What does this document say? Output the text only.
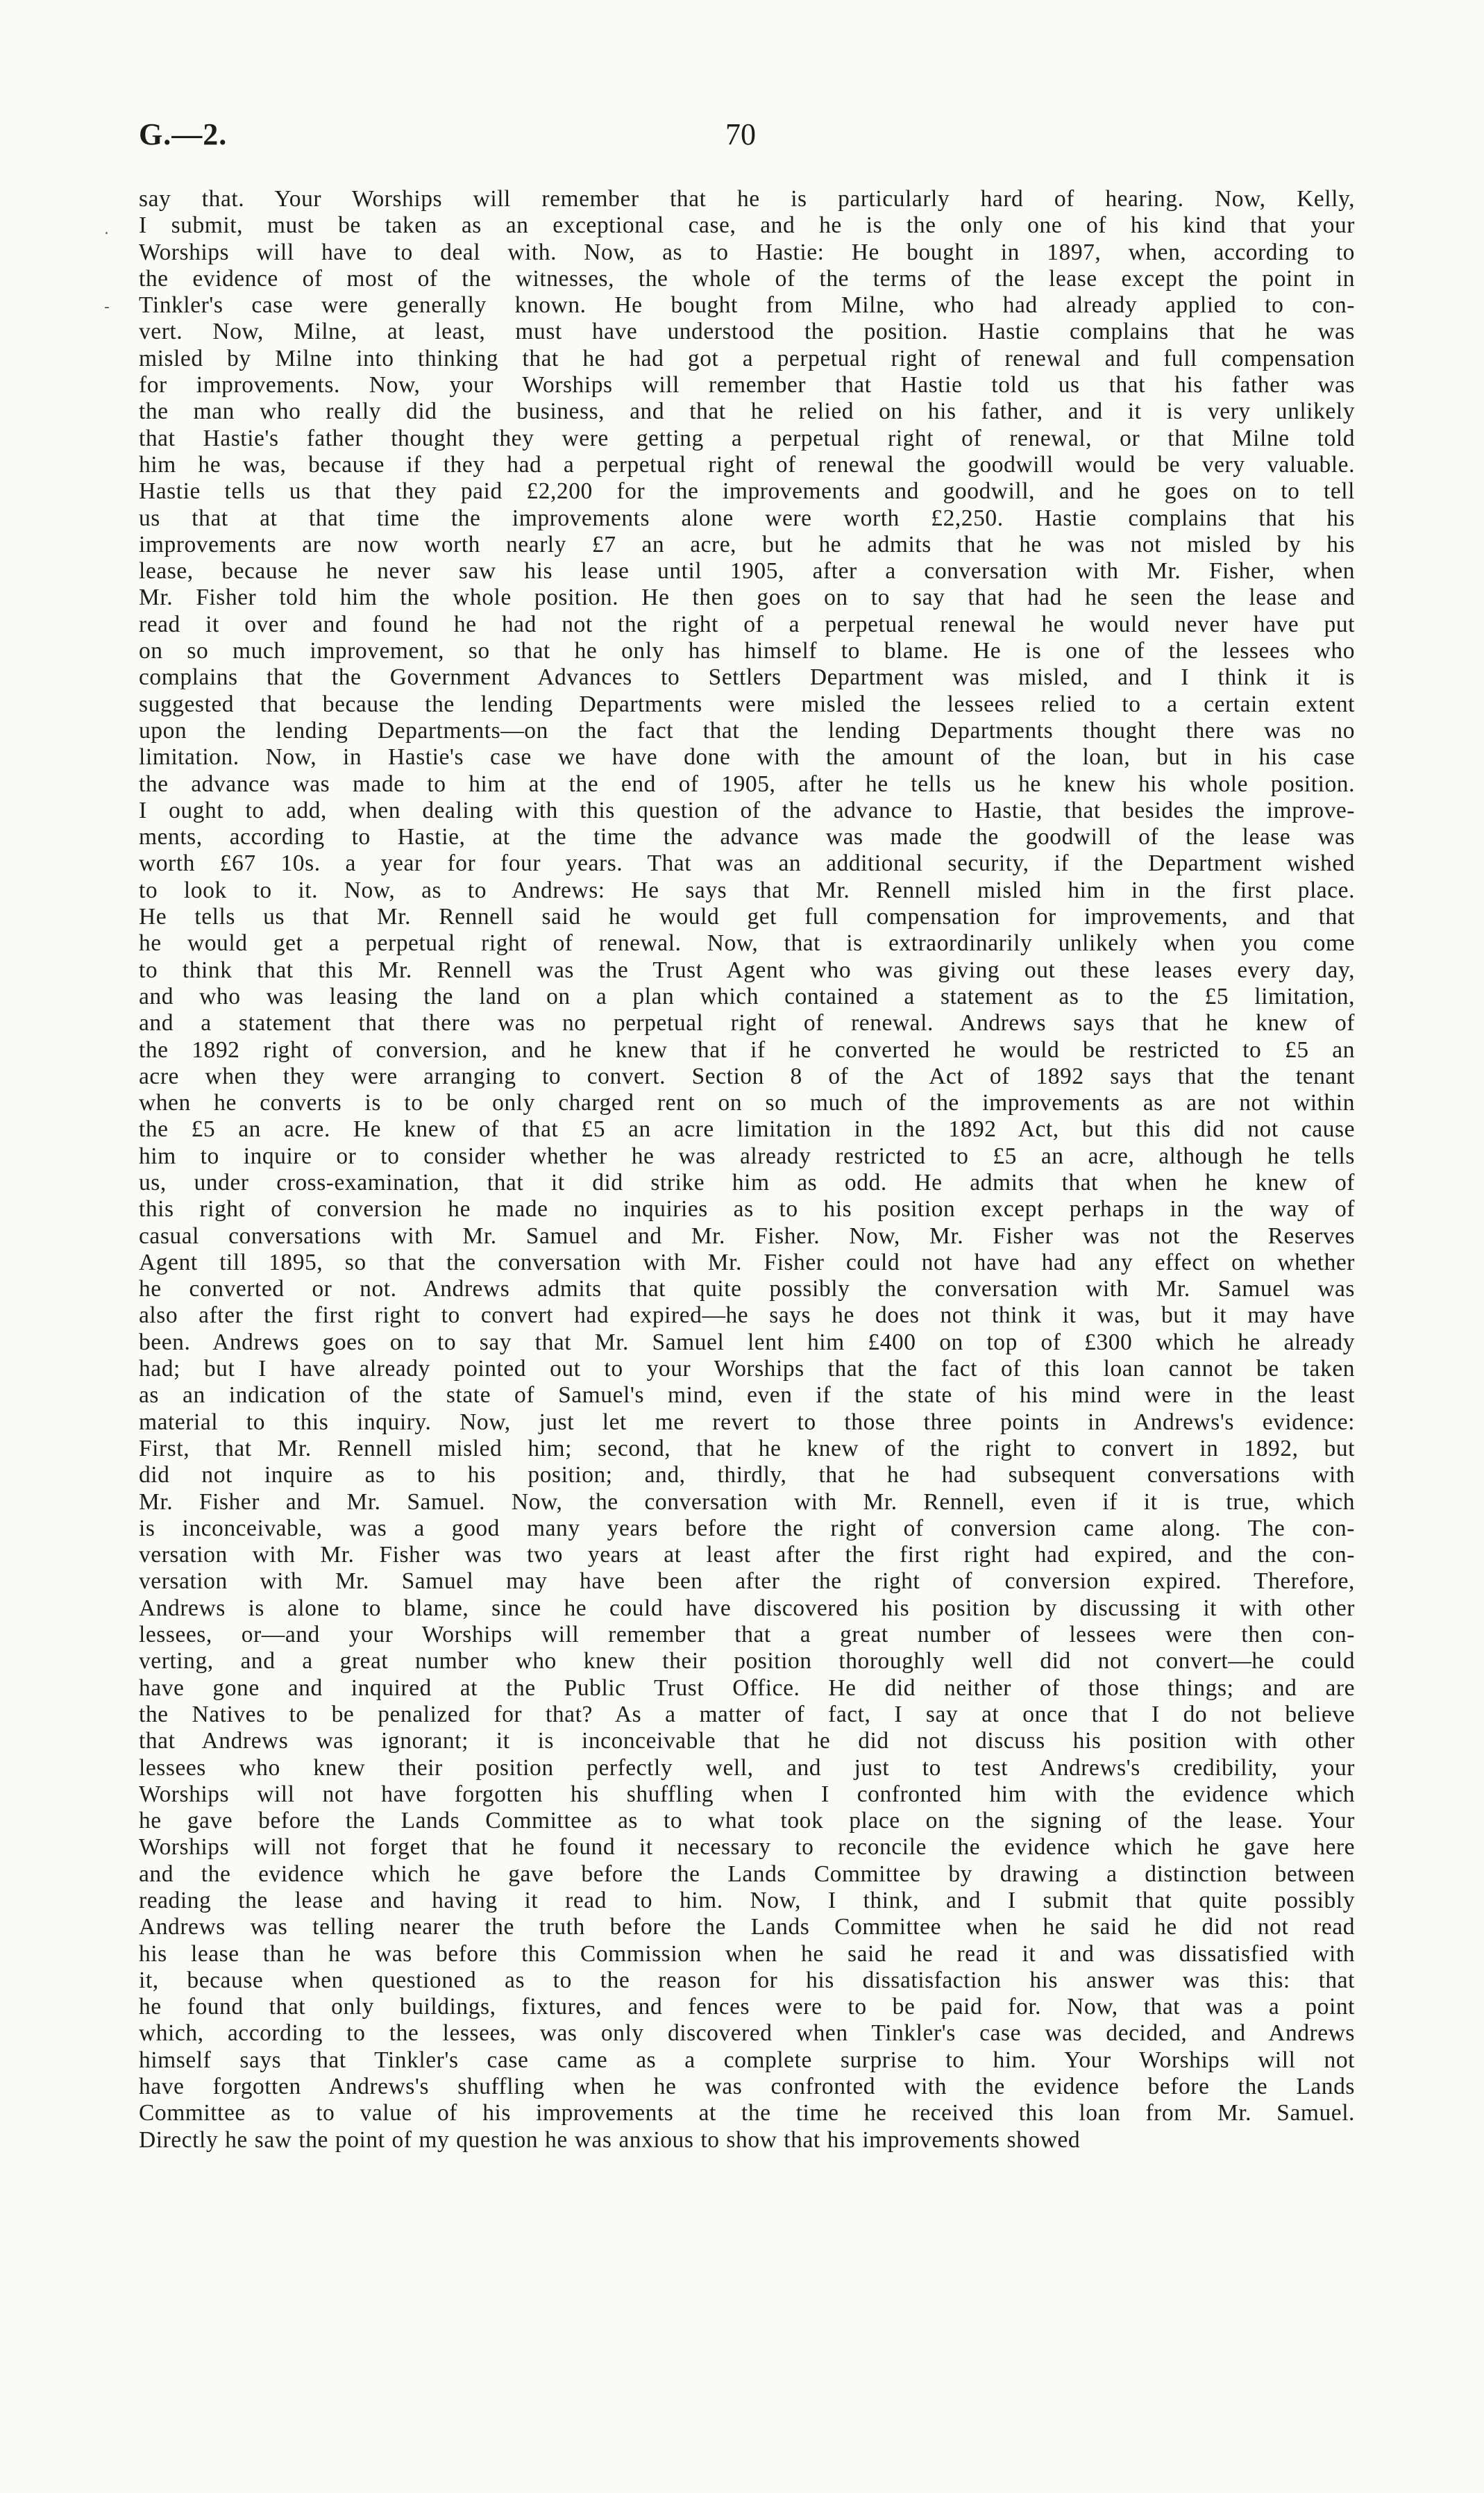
G.—2.	70
.
-
say that. Your Worships will remember that he is particularly hard of hearing. Now, Kelly,
I submit, must be taken as an exceptional case, and he is the only one of his kind that your
Worships will have to deal with. Now, as to Hastie: He bought in 1897, when, according to
the evidence of most of the witnesses, the whole of the terms of the lease except the point in
Tinkler's case were generally known. He bought from Milne, who had already applied to con-
vert. Now, Milne, at least, must have understood the position. Hastie complains that he was
misled by Milne into thinking that he had got a perpetual right of renewal and full compensation
for improvements. Now, your Worships will remember that Hastie told us that his father was
the man who really did the business, and that he relied on his father, and it is very unlikely
that Hastie's father thought they were getting a perpetual right of renewal, or that Milne told
him he was, because if they had a perpetual right of renewal the goodwill would be very valuable.
Hastie tells us that they paid £2,200 for the improvements and goodwill, and he goes on to tell
us that at that time the improvements alone were worth £2,250. Hastie complains that his
improvements are now worth nearly £7 an acre, but he admits that he was not misled by his
lease, because he never saw his lease until 1905, after a conversation with Mr. Fisher, when
Mr. Fisher told him the whole position. He then goes on to say that had he seen the lease and
read it over and found he had not the right of a perpetual renewal he would never have put
on so much improvement, so that he only has himself to blame. He is one of the lessees who
complains that the Government Advances to Settlers Department was misled, and I think it is
suggested that because the lending Departments were misled the lessees relied to a certain extent
upon the lending Departments—on the fact that the lending Departments thought there was no
limitation. Now, in Hastie's case we have done with the amount of the loan, but in his case
the advance was made to him at the end of 1905, after he tells us he knew his whole position.
I ought to add, when dealing with this question of the advance to Hastie, that besides the improve-
ments, according to Hastie, at the time the advance was made the goodwill of the lease was
worth £67 10s. a year for four years. That was an additional security, if the Department wished
to look to it. Now, as to Andrews: He says that Mr. Rennell misled him in the first place.
He tells us that Mr. Rennell said he would get full compensation for improvements, and that
he would get a perpetual right of renewal. Now, that is extraordinarily unlikely when you come
to think that this Mr. Rennell was the Trust Agent who was giving out these leases every day,
and who was leasing the land on a plan which contained a statement as to the £5 limitation,
and a statement that there was no perpetual right of renewal. Andrews says that he knew of
the 1892 right of conversion, and he knew that if he converted he would be restricted to £5 an
acre when they were arranging to convert. Section 8 of the Act of 1892 says that the tenant
when he converts is to be only charged rent on so much of the improvements as are not within
the £5 an acre. He knew of that £5 an acre limitation in the 1892 Act, but this did not cause
him to inquire or to consider whether he was already restricted to £5 an acre, although he tells
us, under cross-examination, that it did strike him as odd. He admits that when he knew of
this right of conversion he made no inquiries as to his position except perhaps in the way of
casual conversations with Mr. Samuel and Mr. Fisher. Now, Mr. Fisher was not the Reserves
Agent till 1895, so that the conversation with Mr. Fisher could not have had any effect on whether
he converted or not. Andrews admits that quite possibly the conversation with Mr. Samuel was
also after the first right to convert had expired—he says he does not think it was, but it may have
been. Andrews goes on to say that Mr. Samuel lent him £400 on top of £300 which he already
had; but I have already pointed out to your Worships that the fact of this loan cannot be taken
as an indication of the state of Samuel's mind, even if the state of his mind were in the least
material to this inquiry. Now, just let me revert to those three points in Andrews's evidence:
First, that Mr. Rennell misled him; second, that he knew of the right to convert in 1892, but
did not inquire as to his position; and, thirdly, that he had subsequent conversations with
Mr. Fisher and Mr. Samuel. Now, the conversation with Mr. Rennell, even if it is true, which
is inconceivable, was a good many years before the right of conversion came along. The con-
versation with Mr. Fisher was two years at least after the first right had expired, and the con-
versation with Mr. Samuel may have been after the right of conversion expired. Therefore,
Andrews is alone to blame, since he could have discovered his position by discussing it with other
lessees, or—and your Worships will remember that a great number of lessees were then con-
verting, and a great number who knew their position thoroughly well did not convert—he could
have gone and inquired at the Public Trust Office. He did neither of those things; and are
the Natives to be penalized for that? As a matter of fact, I say at once that I do not believe
that Andrews was ignorant; it is inconceivable that he did not discuss his position with other
lessees who knew their position perfectly well, and just to test Andrews's credibility, your
Worships will not have forgotten his shuffling when I confronted him with the evidence which
he gave before the Lands Committee as to what took place on the signing of the lease. Your
Worships will not forget that he found it necessary to reconcile the evidence which he gave here
and the evidence which he gave before the Lands Committee by drawing a distinction between
reading the lease and having it read to him. Now, I think, and I submit that quite possibly
Andrews was telling nearer the truth before the Lands Committee when he said he did not read
his lease than he was before this Commission when he said he read it and was dissatisfied with
it, because when questioned as to the reason for his dissatisfaction his answer was this: that
he found that only buildings, fixtures, and fences were to be paid for. Now, that was a point
which, according to the lessees, was only discovered when Tinkler's case was decided, and Andrews
himself says that Tinkler's case came as a complete surprise to him. Your Worships will not
have forgotten Andrews's shuffling when he was confronted with the evidence before the Lands
Committee as to value of his improvements at the time he received this loan from Mr. Samuel.
Directly he saw the point of my question he was anxious to show that his improvements showed
